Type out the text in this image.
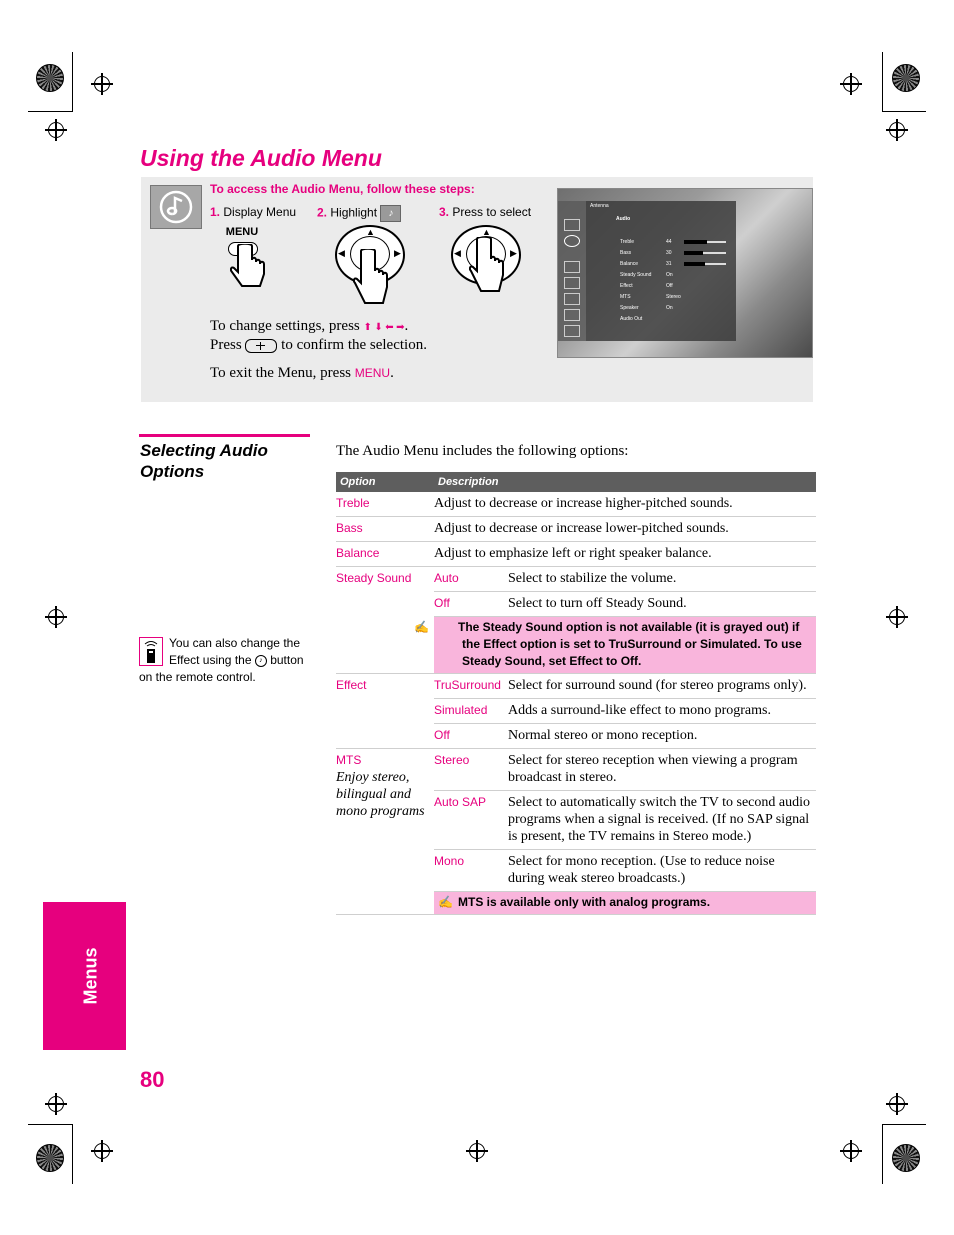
Using the Audio Menu
To access the Audio Menu, follow these steps:
1. Display Menu 2. Highlight ♪	3. Press to select
MENU	▲
◀	▶
▲
◀	▶
To change settings, press ⬆ ⬇ ⬅ ➡.
Press	to confirm the selection.
To exit the Menu, press MENU.
Antenna
Audio
Treble	44
Bass	30
Balance	31
Steady Sound	On
Effect	Off
MTS	Stereo
Speaker	On
Audio Out
Selecting Audio
Options
You can also change the
Effect using the ♪ button
on the remote control.
The Audio Menu includes the following options:
Option	Description	
Treble	Adjust to decrease or increase higher-pitched sounds.	
Bass	Adjust to decrease or increase lower-pitched sounds.	
Balance	Adjust to emphasize left or right speaker balance.	
Steady Sound	Auto	Select to stabilize the volume.
	Off	Select to turn off Steady Sound.
	✍ The Steady Sound option is not available (it is grayed out) if the Effect option is set to TruSurround or Simulated. To use Steady Sound, set Effect to Off.	
Effect	TruSurround	Select for surround sound (for stereo programs only).
	Simulated	Adds a surround-like effect to mono programs.
	Off	Normal stereo or mono reception.

MTS
Enjoy stereo, bilingual and mono programs	Stereo	Select for stereo reception when viewing a program broadcast in stereo.
	Auto SAP	Select to automatically switch the TV to second audio programs when a signal is received. (If no SAP signal is present, the TV remains in Stereo mode.)
	Mono	Select for mono reception. (Use to reduce noise during weak stereo broadcasts.)
	✍ MTS is available only with analog programs.	
Menus
80
